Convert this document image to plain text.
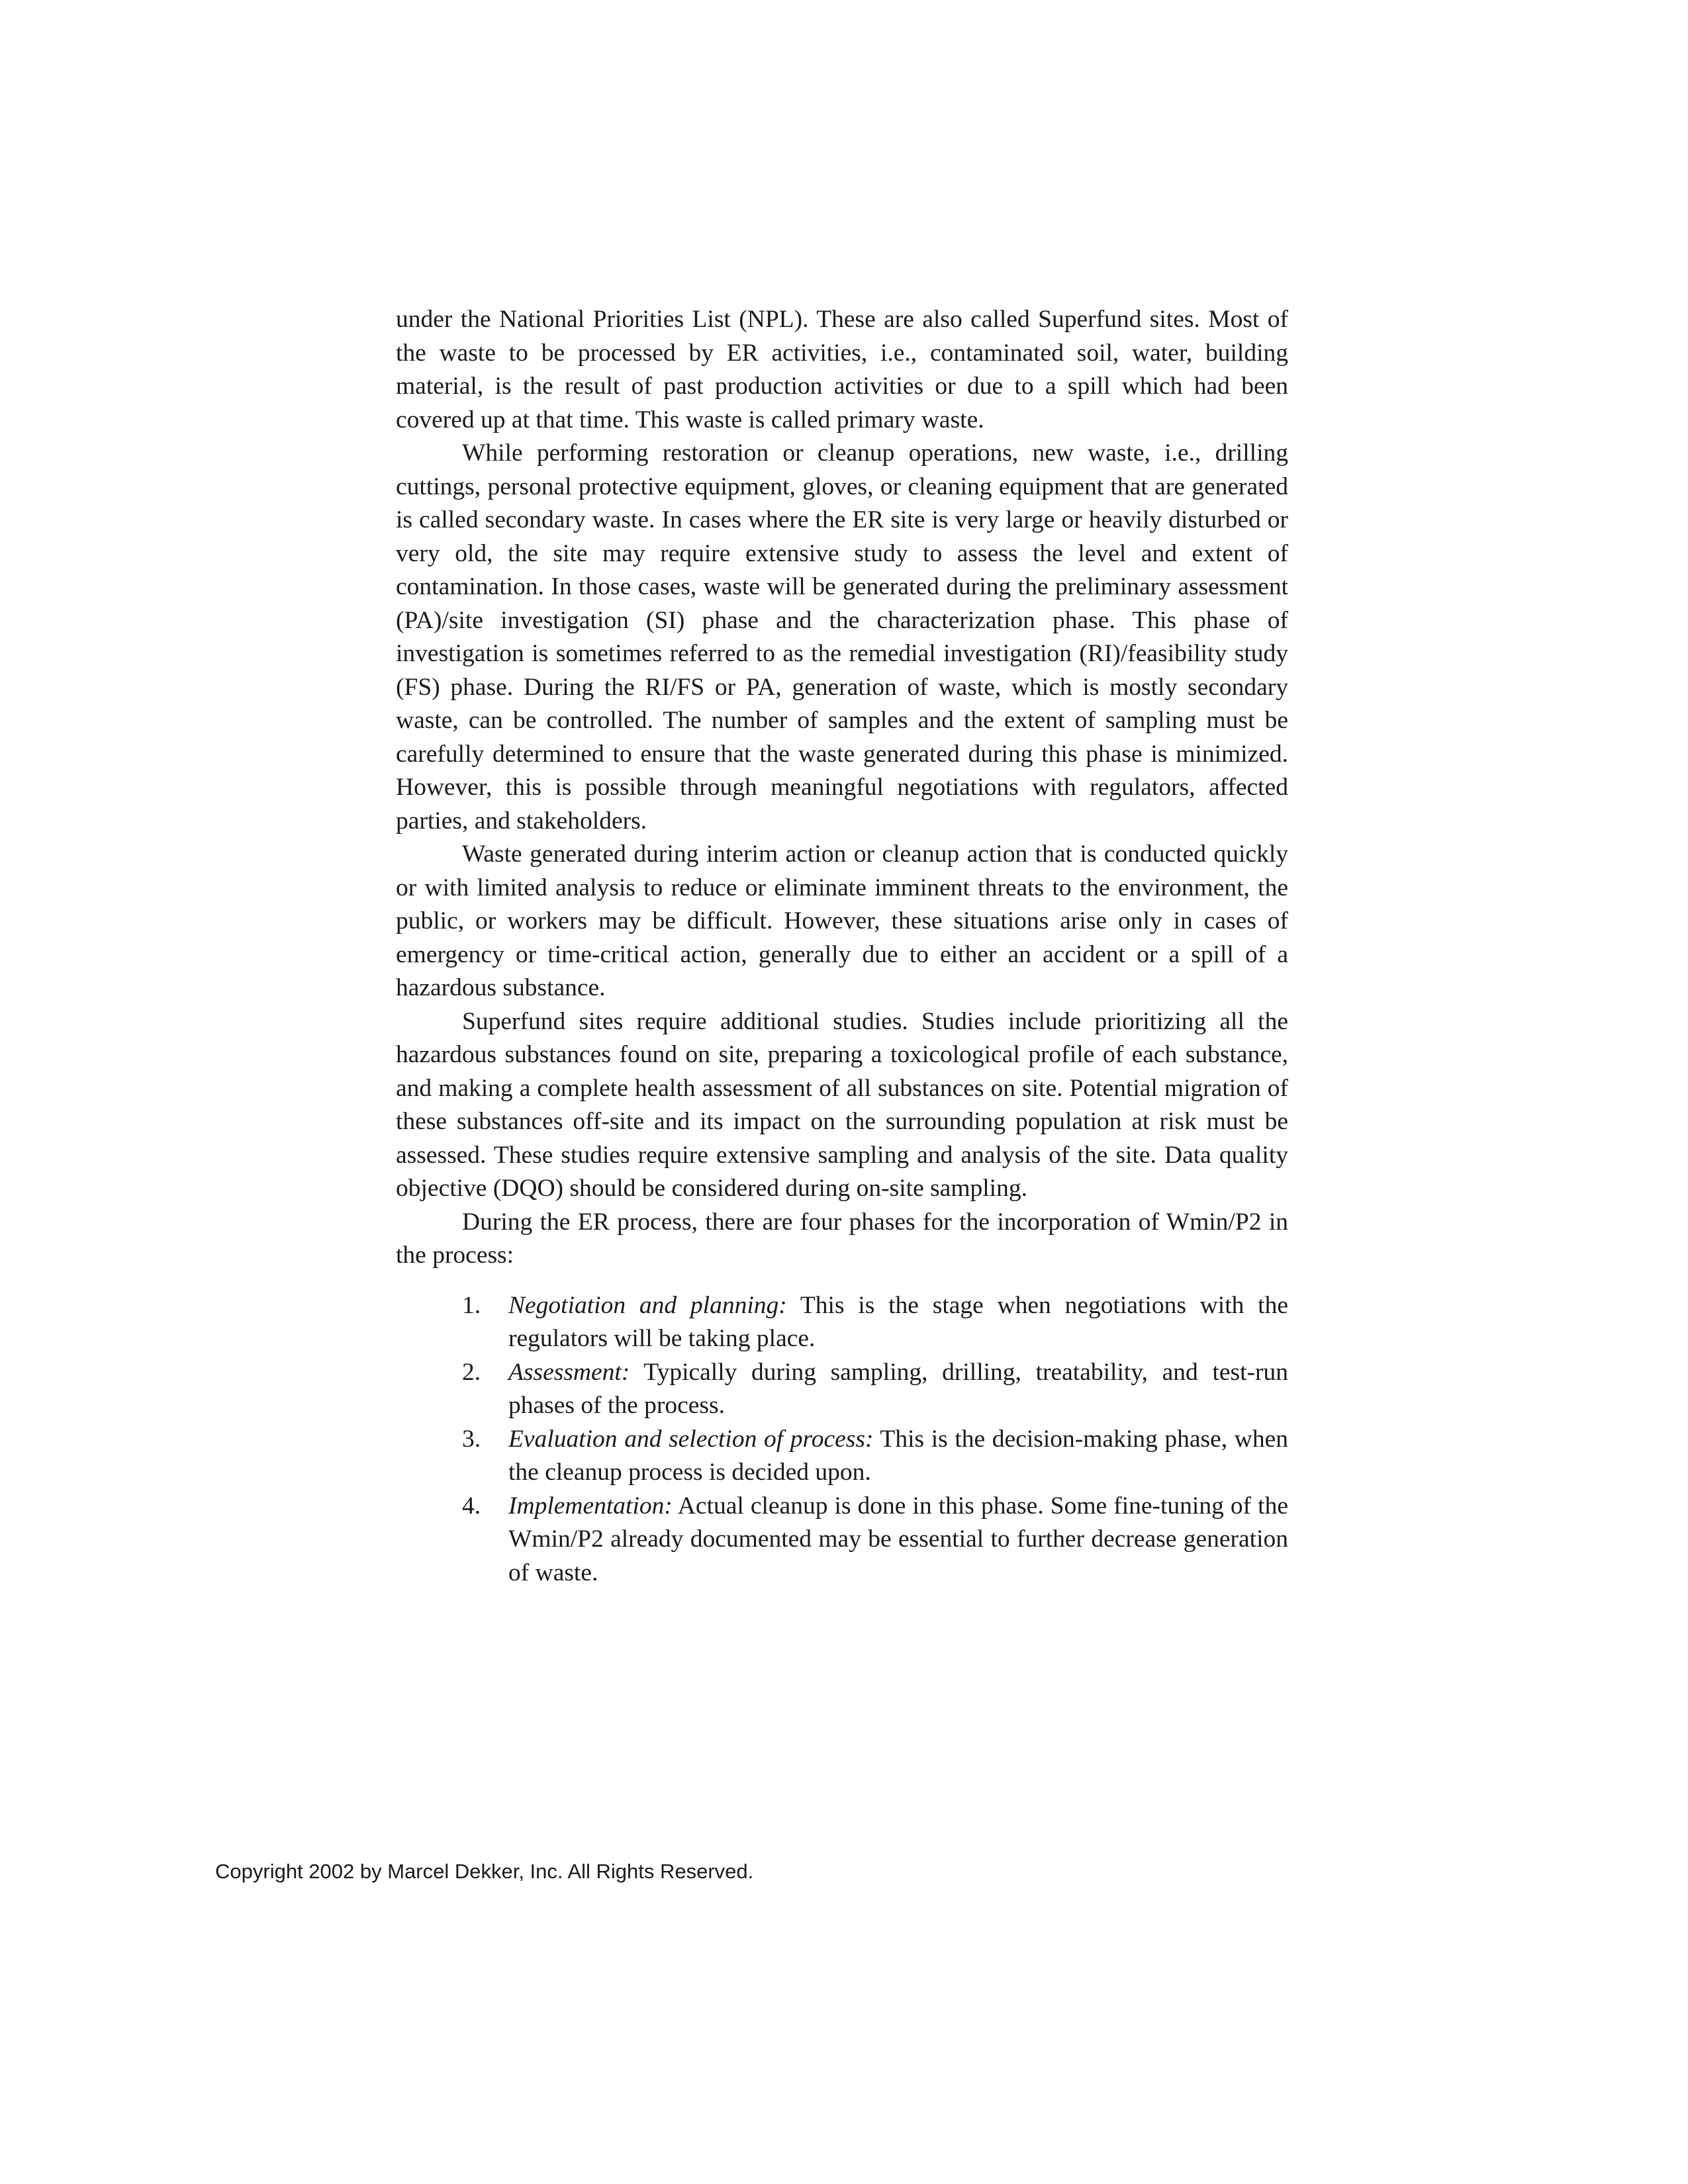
under the National Priorities List (NPL). These are also called Superfund sites. Most of the waste to be processed by ER activities, i.e., contaminated soil, water, building material, is the result of past production activities or due to a spill which had been covered up at that time. This waste is called primary waste.

While performing restoration or cleanup operations, new waste, i.e., drilling cuttings, personal protective equipment, gloves, or cleaning equipment that are generated is called secondary waste. In cases where the ER site is very large or heavily disturbed or very old, the site may require extensive study to assess the level and extent of contamination. In those cases, waste will be generated during the preliminary assessment (PA)/site investigation (SI) phase and the characterization phase. This phase of investigation is sometimes referred to as the remedial investigation (RI)/feasibility study (FS) phase. During the RI/FS or PA, generation of waste, which is mostly secondary waste, can be controlled. The number of samples and the extent of sampling must be carefully determined to ensure that the waste generated during this phase is minimized. However, this is possible through meaningful negotiations with regulators, affected parties, and stakeholders.

Waste generated during interim action or cleanup action that is conducted quickly or with limited analysis to reduce or eliminate imminent threats to the environment, the public, or workers may be difficult. However, these situations arise only in cases of emergency or time-critical action, generally due to either an accident or a spill of a hazardous substance.

Superfund sites require additional studies. Studies include prioritizing all the hazardous substances found on site, preparing a toxicological profile of each substance, and making a complete health assessment of all substances on site. Potential migration of these substances off-site and its impact on the surrounding population at risk must be assessed. These studies require extensive sampling and analysis of the site. Data quality objective (DQO) should be considered during on-site sampling.

During the ER process, there are four phases for the incorporation of Wmin/P2 in the process:

1. Negotiation and planning: This is the stage when negotiations with the regulators will be taking place.
2. Assessment: Typically during sampling, drilling, treatability, and test-run phases of the process.
3. Evaluation and selection of process: This is the decision-making phase, when the cleanup process is decided upon.
4. Implementation: Actual cleanup is done in this phase. Some fine-tuning of the Wmin/P2 already documented may be essential to further decrease generation of waste.
Copyright 2002 by Marcel Dekker, Inc. All Rights Reserved.
